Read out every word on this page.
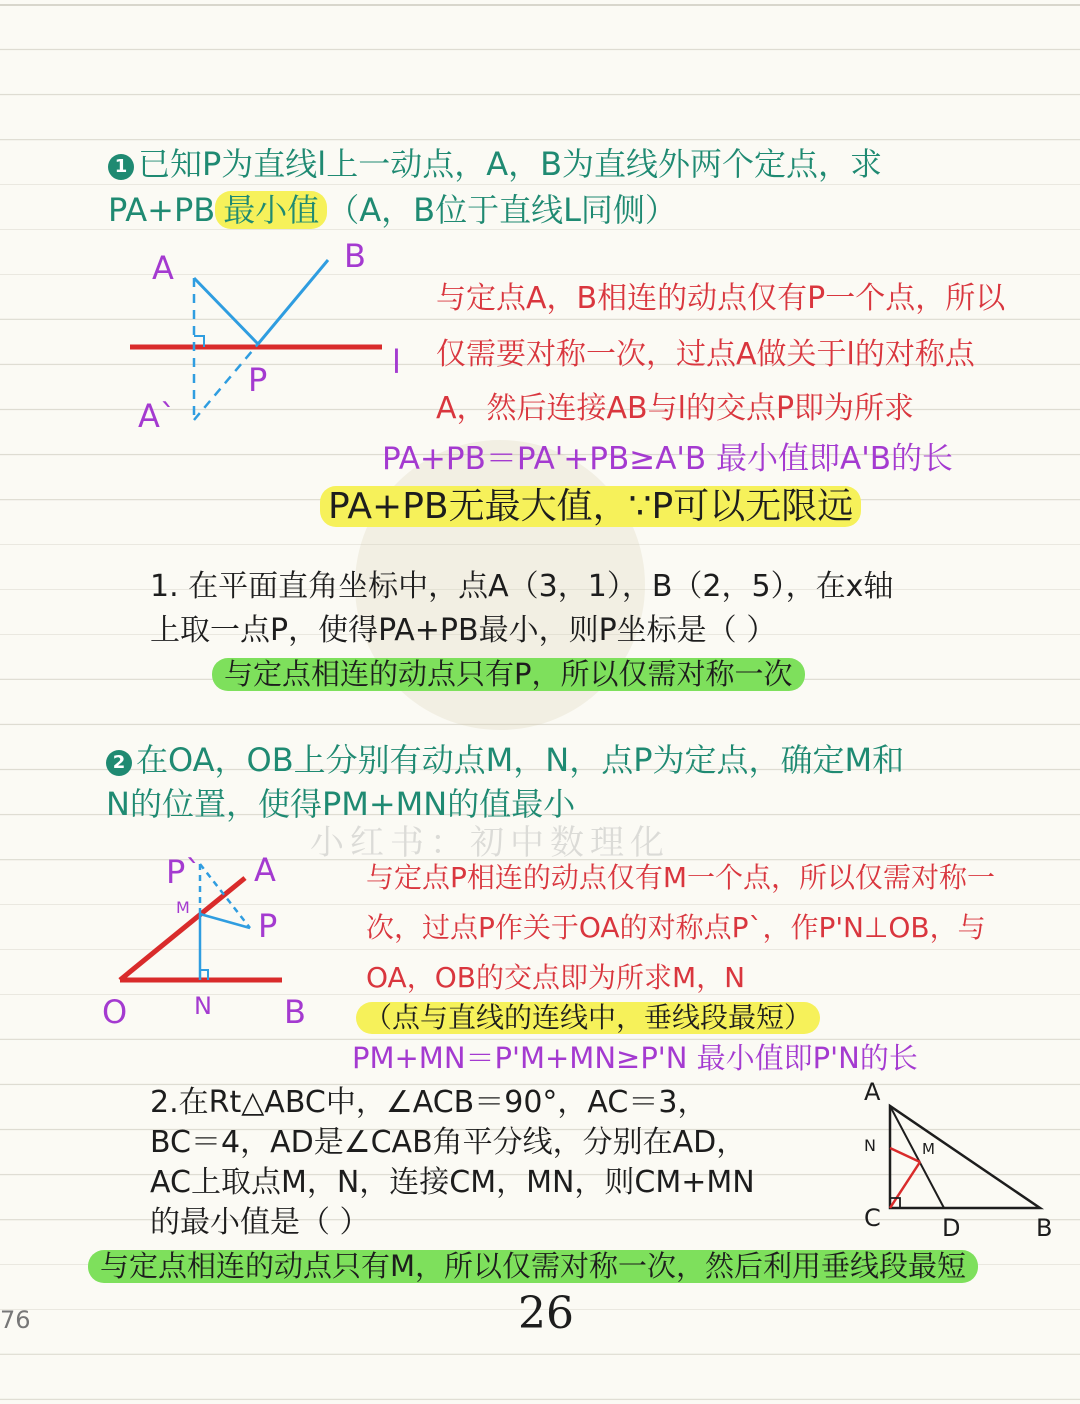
小红书：初中数理化
1 已知P为直线l上一动点，A，B为直线外两个定点，求
PA+PB 最小值 （A，B位于直线L同侧）
A	B
P
A`
l
与定点A，B相连的动点仅有P一个点，所以
仅需要对称一次，过点A做关于l的对称点
A，然后连接AB与l的交点P即为所求
PA+PB＝PA'+PB≥A'B 最小值即A'B的长
PA+PB无最大值，∵P可以无限远
1. 在平面直角坐标中，点A（3，1），B（2，5），在x轴
上取一点P，使得PA+PB最小，则P坐标是（ ）
与定点相连的动点只有P，所以仅需对称一次
2 在OA，OB上分别有动点M，N，点P为定点，确定M和
N的位置，使得PM+MN的值最小
P` A
M P
O	N B
与定点P相连的动点仅有M一个点，所以仅需对称一
次，过点P作关于OA的对称点P`，作P'N⊥OB，与
OA，OB的交点即为所求M，N
（点与直线的连线中，垂线段最短）
PM+MN＝P'M+MN≥P'N 最小值即P'N的长
2.在Rt△ABC中，∠ACB＝90°，AC＝3，
BC＝4，AD是∠CAB角平分线，分别在AD，
AC上取点M，N，连接CM，MN，则CM+MN
的最小值是（ ）
A
N	M
C	D	B
与定点相连的动点只有M，所以仅需对称一次，然后利用垂线段最短
76	26
